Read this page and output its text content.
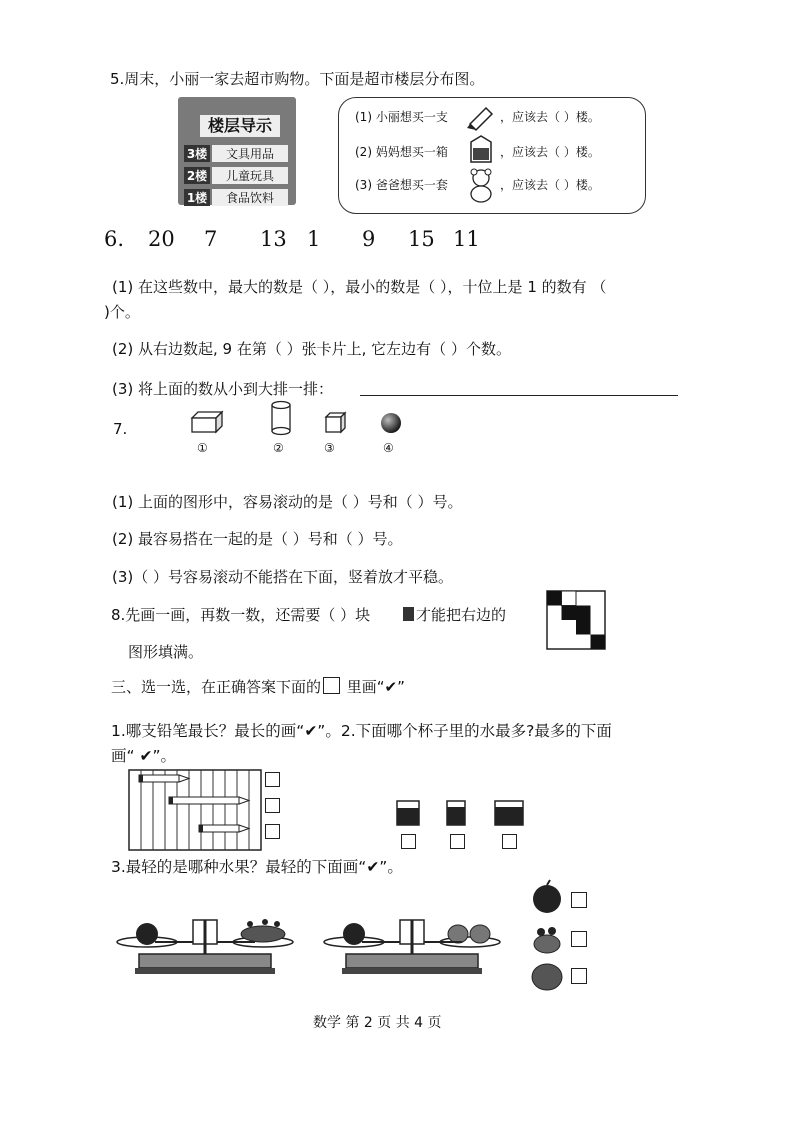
5.周末，小丽一家去超市购物。下面是超市楼层分布图。
楼层导示
3楼 文具用品
2楼 儿童玩具
1楼 食品饮料
(1) 小丽想买一支	，应该去（ ）楼。
(2) 妈妈想买一箱	，应该去（ ）楼。
(3) 爸爸想买一套	，应该去（ ）楼。
6. 20 7 13 1 9 15 11
(1) 在这些数中，最大的数是（ ），最小的数是（ ），十位上是 1 的数有 （
)个。
(2) 从右边数起, 9 在第（ ）张卡片上, 它左边有（ ）个数。
(3) 将上面的数从小到大排一排：
7.
①	②	③	④
(1) 上面的图形中，容易滚动的是（ ）号和（ ）号。
(2) 最容易搭在一起的是（ ）号和（ ）号。
(3)（ ）号容易滚动不能搭在下面，竖着放才平稳。
8.先画一画，再数一数，还需要（ ）块	才能把右边的
图形填满。
三、选一选，在正确答案下面的 里画“✔”
1.哪支铅笔最长？最长的画“✔”。2.下面哪个杯子里的水最多?最多的下面
画“ ✔”。
3.最轻的是哪种水果？最轻的下面画“✔”。
数学 第 2 页 共 4 页
